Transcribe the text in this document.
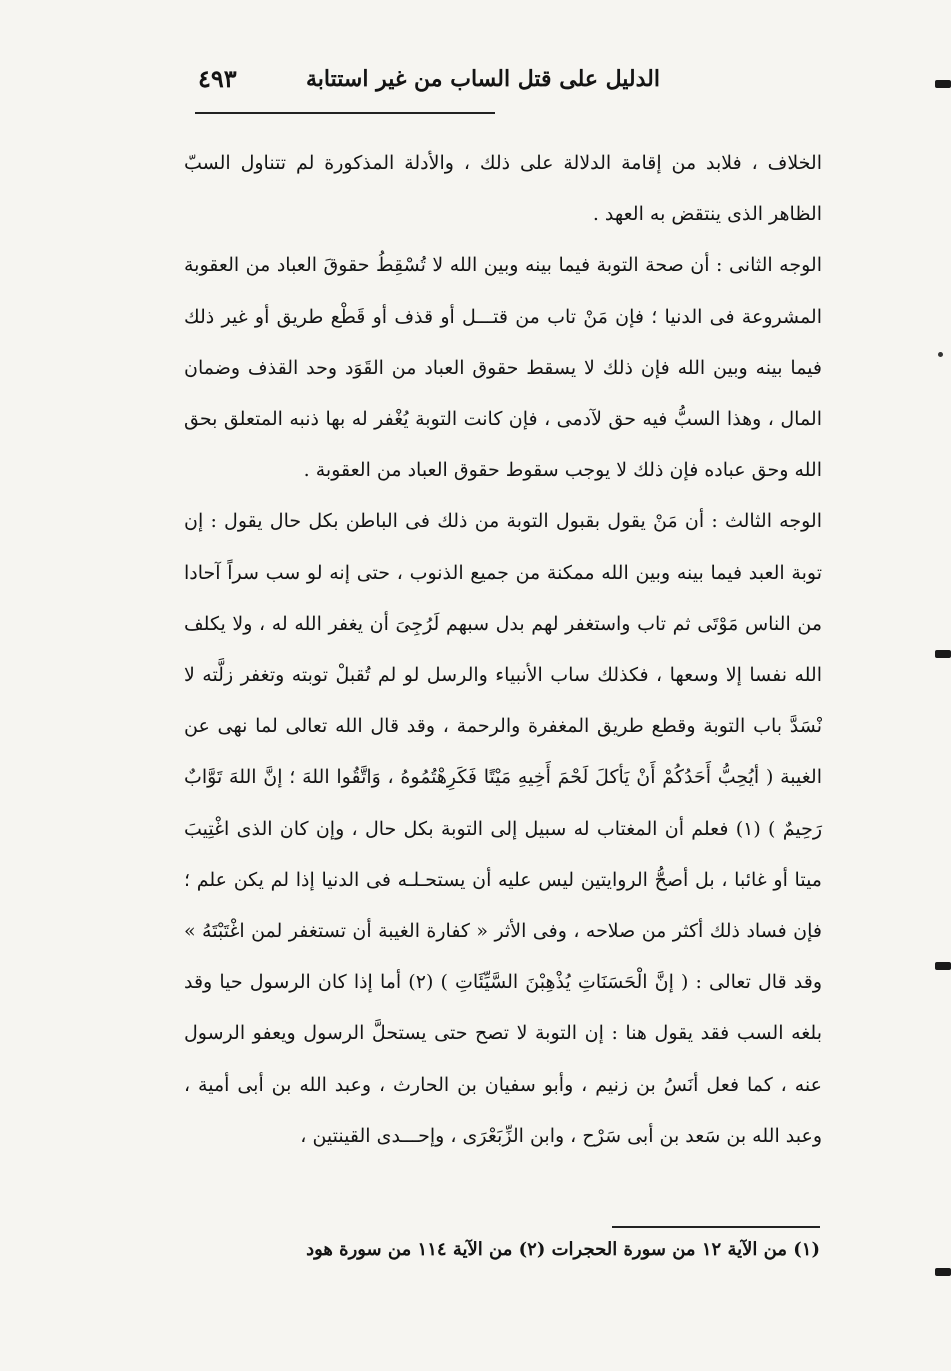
الدليل على قتل الساب من غير استتابة
٤٩٣

الخلاف ، فلابد من إقامة الدلالة على ذلك ، والأدلة المذكورة لم تتناول السبّ الظاهر الذى ينتقض به العهد .

الوجه الثانى : أن صحة التوبة فيما بينه وبين الله لا تُسْقِطُ حقوقَ العباد من العقوبة المشروعة فى الدنيا ؛ فإن مَنْ تاب من قتـــل أو قذف أو قَطْع طريق أو غير ذلك فيما بينه وبين الله فإن ذلك لا يسقط حقوق العباد من القَوَد وحد القذف وضمان المال ، وهذا السبُّ فيه حق لآدمى ، فإن كانت التوبة يُغْفر له بها ذنبه المتعلق بحق الله وحق عباده فإن ذلك لا يوجب سقوط حقوق العباد من العقوبة .

الوجه الثالث : أن مَنْ يقول بقبول التوبة من ذلك فى الباطن بكل حال يقول : إن توبة العبد فيما بينه وبين الله ممكنة من جميع الذنوب ، حتى إنه لو سب سراً آحادا من الناس مَوْتَى ثم تاب واستغفر لهم بدل سبهم لَرُجِىَ أن يغفر الله له ، ولا يكلف الله نفسا إلا وسعها ، فكذلك ساب الأنبياء والرسل لو لم تُقبلْ توبته وتغفر زلَّته لا نْسَدَّ باب التوبة وقطع طريق المغفرة والرحمة ، وقد قال الله تعالى لما نهى عن الغيبة ( أيُحِبُّ أَحَدُكُمْ أَنْ يَأكلَ لَحْمَ أَخِيهِ مَيْتًا فَكَرِهْتُمُوهُ ، وَاتَّقُوا اللهَ ؛ إنَّ اللهَ تَوَّابٌ رَحِيمٌ ) (١) فعلم أن المغتاب له سبيل إلى التوبة بكل حال ، وإن كان الذى اغْتِيبَ ميتا أو غائبا ، بل أصحُّ الروايتين ليس عليه أن يستحـلـه فى الدنيا إذا لم يكن علم ؛ فإن فساد ذلك أكثر من صلاحه ، وفى الأثر « كفارة الغيبة أن تستغفر لمن اغْتَبْتَهُ » وقد قال تعالى : ( إنَّ الْحَسَنَاتِ يُذْهِبْنَ السَّيِّئَاتِ ) (٢) أما إذا كان الرسول حيا وقد بلغه السب فقد يقول هنا : إن التوبة لا تصح حتى يستحلَّ الرسول ويعفو الرسول عنه ، كما فعل أنَسُ بن زنيم ، وأبو سفيان بن الحارث ، وعبد الله بن أبى أمية ، وعبد الله بن سَعد بن أبى سَرْح ، وابن الزِّبَعْرَى ، وإحـــدى القينتين ،

(١) من الآية ١٢ من سورة الحجرات (٢) من الآية ١١٤ من سورة هود
